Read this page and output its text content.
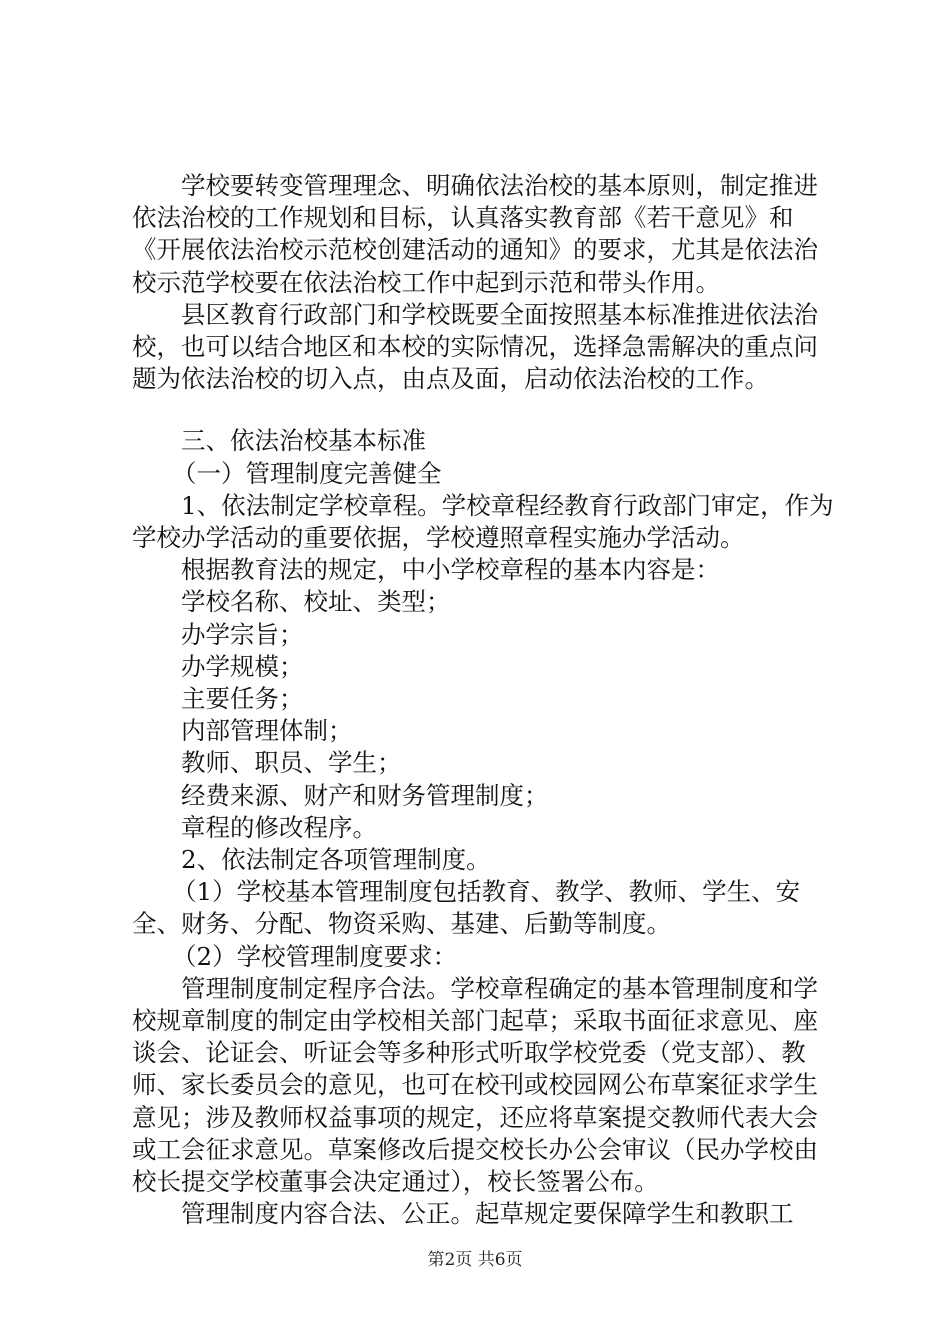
学校要转变管理理念、明确依法治校的基本原则，制定推进依法治校的工作规划和目标，认真落实教育部《若干意见》和《开展依法治校示范校创建活动的通知》的要求，尤其是依法治校示范学校要在依法治校工作中起到示范和带头作用。

县区教育行政部门和学校既要全面按照基本标准推进依法治校，也可以结合地区和本校的实际情况，选择急需解决的重点问题为依法治校的切入点，由点及面，启动依法治校的工作。

三、依法治校基本标准

（一）管理制度完善健全

1、依法制定学校章程。学校章程经教育行政部门审定，作为学校办学活动的重要依据，学校遵照章程实施办学活动。

根据教育法的规定，中小学校章程的基本内容是：

学校名称、校址、类型；

办学宗旨；

办学规模；

主要任务；

内部管理体制；

教师、职员、学生；

经费来源、财产和财务管理制度；

章程的修改程序。

2、依法制定各项管理制度。

（1）学校基本管理制度包括教育、教学、教师、学生、安全、财务、分配、物资采购、基建、后勤等制度。

（2）学校管理制度要求：

管理制度制定程序合法。学校章程确定的基本管理制度和学校规章制度的制定由学校相关部门起草；采取书面征求意见、座谈会、论证会、听证会等多种形式听取学校党委（党支部）、教师、家长委员会的意见，也可在校刊或校园网公布草案征求学生意见；涉及教师权益事项的规定，还应将草案提交教师代表大会或工会征求意见。草案修改后提交校长办公会审议（民办学校由校长提交学校董事会决定通过），校长签署公布。

管理制度内容合法、公正。起草规定要保障学生和教职工

第2页 共6页
